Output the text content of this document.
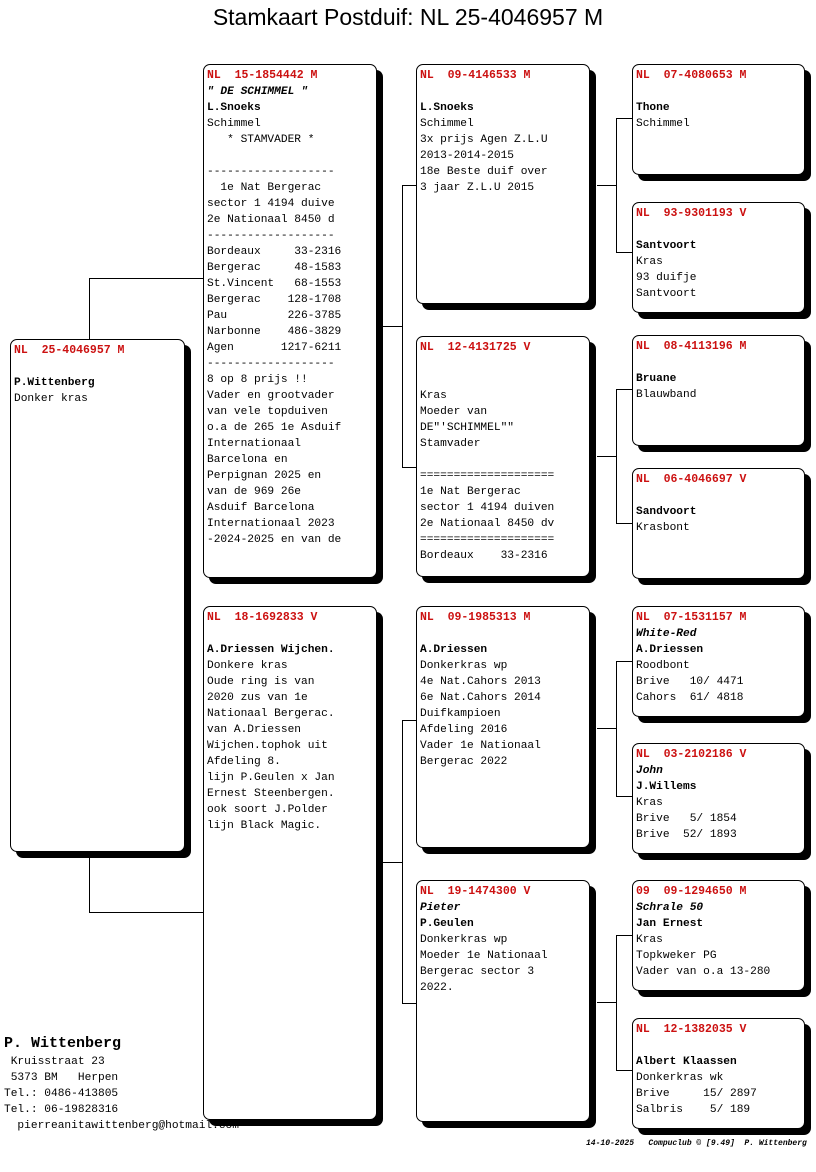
Stamkaart Postduif: NL 25-4046957 M
NL  25-4046957 M
P.Wittenberg
Donker kras
NL  15-1854442 M
" DE SCHIMMEL "
L.Snoeks
Schimmel
* STAMVADER *
-------------------
1e Nat Bergerac
sector 1 4194 duive
2e Nationaal 8450 d
-------------------
Bordeaux     33-2316
Bergerac     48-1583
St.Vincent   68-1553
Bergerac    128-1708
Pau         226-3785
Narbonne    486-3829
Agen       1217-6211
-------------------
8 op 8 prijs !!
Vader en grootvader
van vele topduiven
o.a de 265 1e Asduif
Internationaal
Barcelona en
Perpignan 2025 en
van de 969 26e
Asduif Barcelona
Internationaal 2023
-2024-2025 en van de
NL  18-1692833 V
A.Driessen Wijchen.
Donkere kras
Oude ring is van
2020 zus van 1e
Nationaal Bergerac.
van A.Driessen
Wijchen.tophok uit
Afdeling 8.
lijn P.Geulen x Jan
Ernest Steenbergen.
ook soort J.Polder
lijn Black Magic.
NL  09-4146533 M
L.Snoeks
Schimmel
3x prijs Agen Z.L.U
2013-2014-2015
18e Beste duif over
3 jaar Z.L.U 2015
NL  12-4131725 V
Kras
Moeder van
DE"'SCHIMMEL""
Stamvader
====================
1e Nat Bergerac
sector 1 4194 duiven
2e Nationaal 8450 dv
====================
Bordeaux    33-2316
NL  09-1985313 M
A.Driessen
Donkerkras wp
4e Nat.Cahors 2013
6e Nat.Cahors 2014
Duifkampioen
Afdeling 2016
Vader 1e Nationaal
Bergerac 2022
NL  19-1474300 V
Pieter
P.Geulen
Donkerkras wp
Moeder 1e Nationaal
Bergerac sector 3
2022.
NL  07-4080653 M
Thone
Schimmel
NL  93-9301193 V
Santvoort
Kras
93 duifje
Santvoort
NL  08-4113196 M
Bruane
Blauwband
NL  06-4046697 V
Sandvoort
Krasbont
NL  07-1531157 M
White-Red
A.Driessen
Roodbont
Brive   10/ 4471
Cahors  61/ 4818
NL  03-2102186 V
John
J.Willems
Kras
Brive   5/ 1854
Brive  52/ 1893
09  09-1294650 M
Schrale 50
Jan Ernest
Kras
Topkweker PG
Vader van o.a 13-280
NL  12-1382035 V
Albert Klaassen
Donkerkras wk
Brive     15/ 2897
Salbris    5/ 189
P. Wittenberg
Kruisstraat 23
5373 BM   Herpen
Tel.: 0486-413805
Tel.: 06-19828316
pierreanitawittenberg@hotmail.com
14-10-2025   Compuclub © [9.49]  P. Wittenberg
